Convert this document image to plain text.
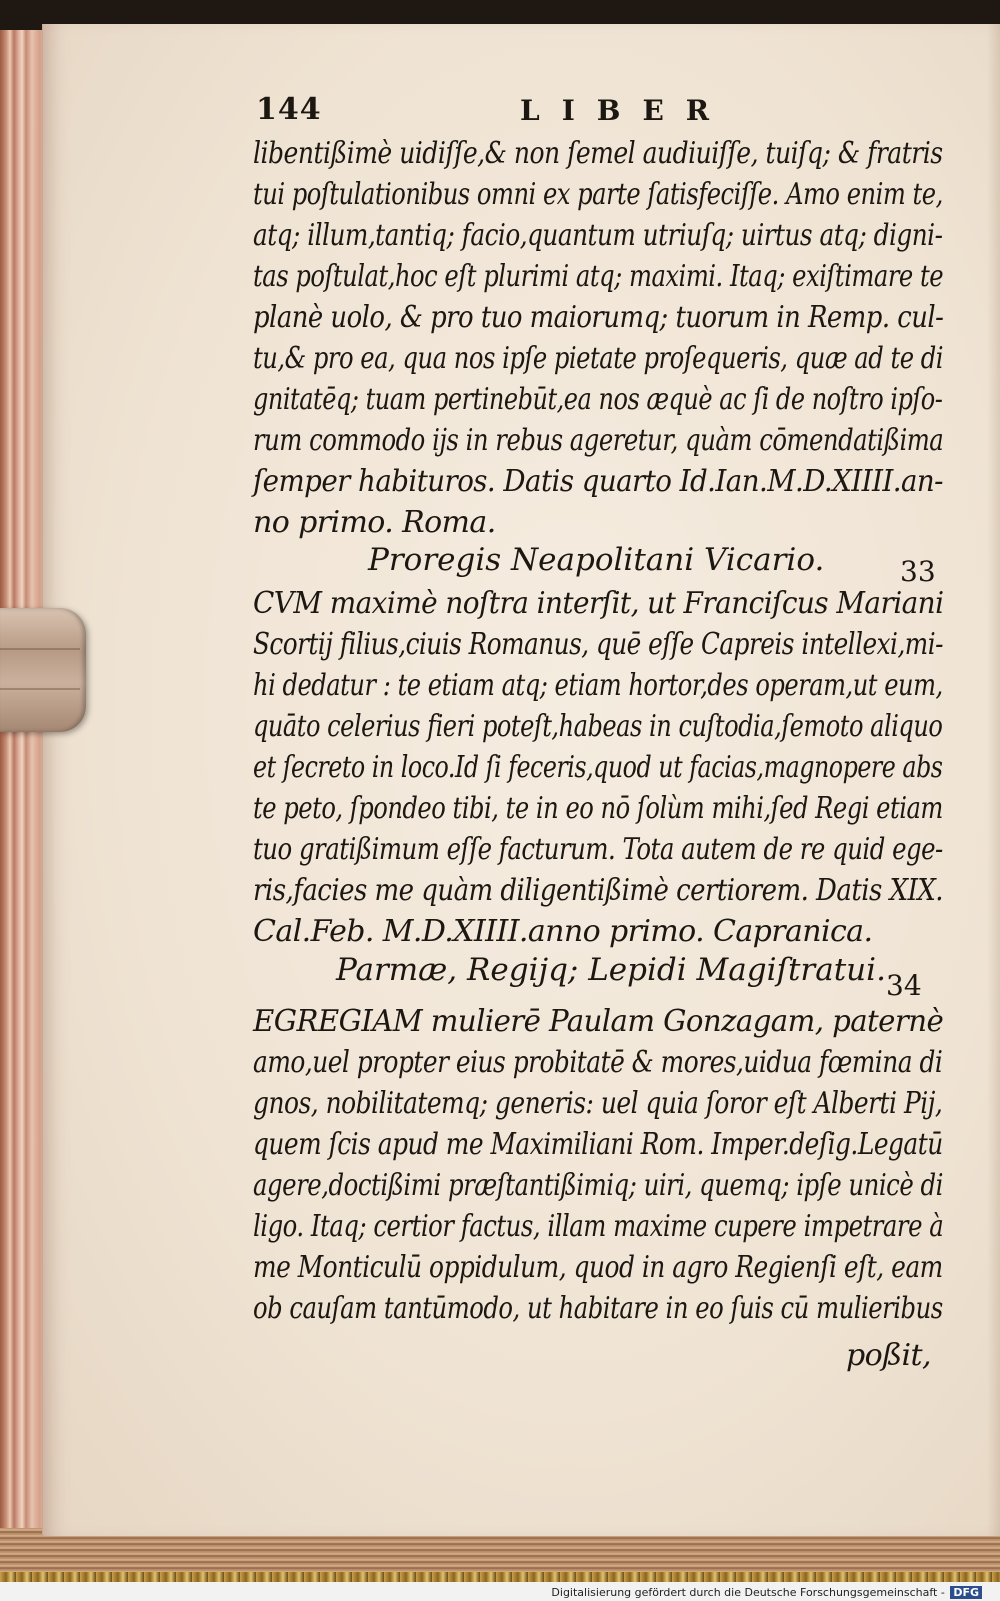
144	LIBER
libentißimè uidiſſe,& non ſemel audiuiſſe, tuiſq; & fratris
tui poſtulationibus omni ex parte ſatisfeciſſe. Amo enim te,
atq; illum,tantiq; facio,quantum utriuſq; uirtus atq; digni-
tas poſtulat,hoc eſt plurimi atq; maximi. Itaq; exiſtimare te
planè uolo, & pro tuo maiorumq; tuorum in Remp. cul-
tu,& pro ea, qua nos ipſe pietate proſequeris, quæ ad te di
gnitatēq; tuam pertinebūt,ea nos æquè ac ſi de noſtro ipſo-
rum commodo ijs in rebus ageretur, quàm cōmendatißima
ſemper habituros. Datis quarto Id.Ian.M.D.XIIII.an-
no primo. Roma.
Proregis Neapolitani Vicario.	33
CVM maximè noſtra interſit, ut Franciſcus Mariani
Scortij filius,ciuis Romanus, quē eſſe Capreis intellexi,mi-
hi dedatur : te etiam atq; etiam hortor,des operam,ut eum,
quāto celerius fieri poteſt,habeas in cuſtodia,ſemoto aliquo
et ſecreto in loco.Id ſi feceris,quod ut facias,magnopere abs
te peto, ſpondeo tibi, te in eo nō ſolùm mihi,ſed Regi etiam
tuo gratißimum eſſe facturum. Tota autem de re quid ege-
ris,facies me quàm diligentißimè certiorem. Datis XIX.
Cal.Feb. M.D.XIIII.anno primo. Capranica.
Parmæ, Regijq; Lepidi Magiſtratui. 34
EGREGIAM mulierē Paulam Gonzagam, paternè
amo,uel propter eius probitatē & mores,uidua fœmina di
gnos, nobilitatemq; generis: uel quia ſoror eſt Alberti Pij,
quem ſcis apud me Maximiliani Rom. Imper.deſig.Legatū
agere,doctißimi præſtantißimiq; uiri, quemq; ipſe unicè di
ligo. Itaq; certior factus, illam maxime cupere impetrare à
me Monticulū oppidulum, quod in agro Regienſi eſt, eam
ob cauſam tantūmodo, ut habitare in eo ſuis cū mulieribus
poßit,
Digitalisierung gefördert durch die Deutsche Forschungsgemeinschaft - DFG
